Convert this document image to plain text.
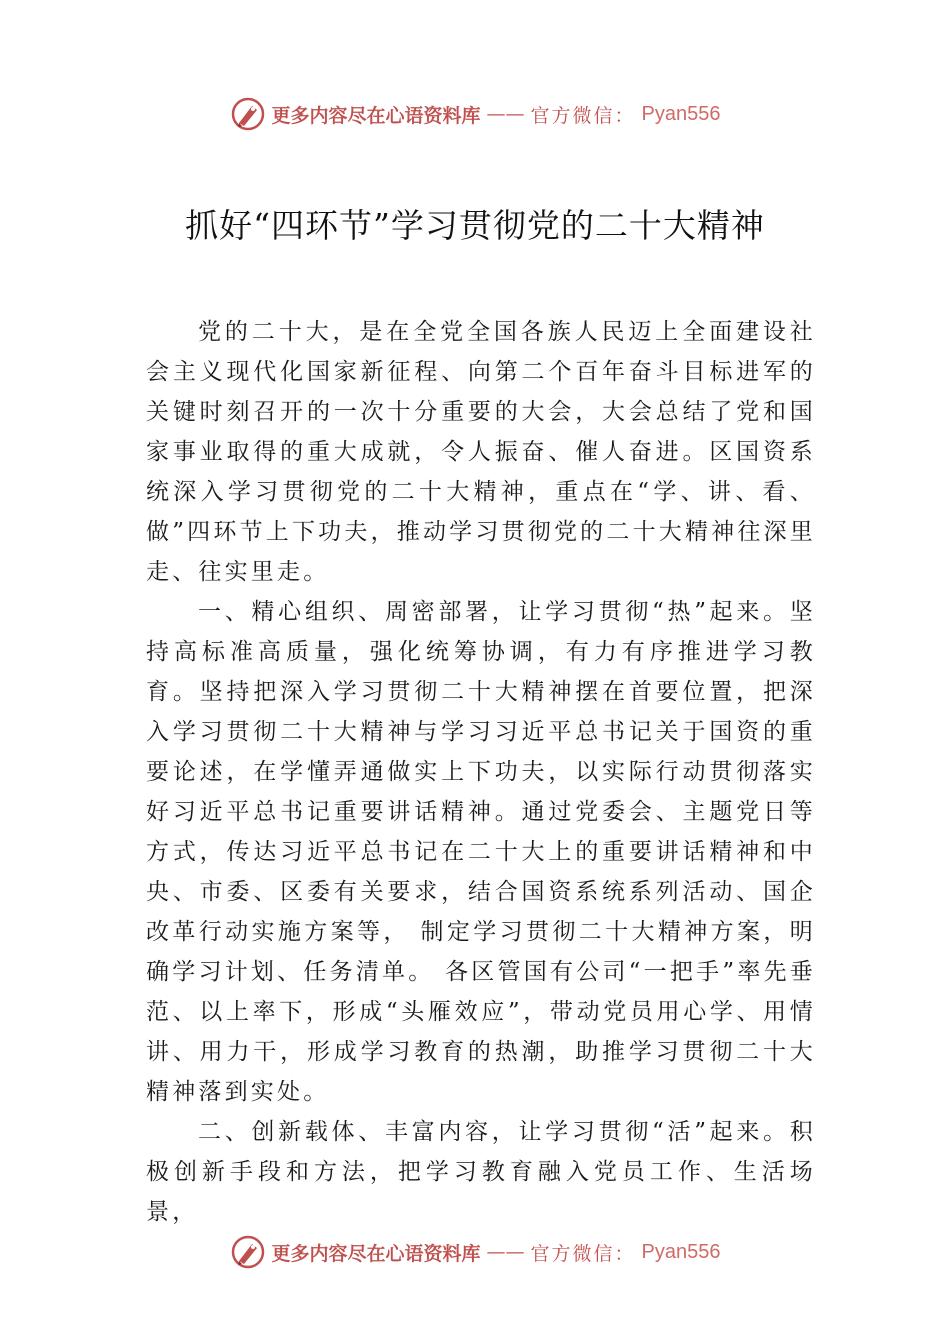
更多内容尽在心语资料库 —— 官方微信： Pyan556
抓好“四环节”学习贯彻党的二十大精神

党的二十大，是在全党全国各族人民迈上全面建设社会主义现代化国家新征程、向第二个百年奋斗目标进军的关键时刻召开的一次十分重要的大会，大会总结了党和国家事业取得的重大成就，令人振奋、催人奋进。区国资系统深入学习贯彻党的二十大精神，重点在“学、讲、看、做”四环节上下功夫，推动学习贯彻党的二十大精神往深里走、往实里走。

一、精心组织、周密部署，让学习贯彻“热”起来。坚持高标准高质量，强化统筹协调，有力有序推进学习教育。坚持把深入学习贯彻二十大精神摆在首要位置，把深入学习贯彻二十大精神与学习习近平总书记关于国资的重要论述，在学懂弄通做实上下功夫，以实际行动贯彻落实好习近平总书记重要讲话精神。通过党委会、主题党日等方式，传达习近平总书记在二十大上的重要讲话精神和中央、市委、区委有关要求，结合国资系统系列活动、国企改革行动实施方案等， 制定学习贯彻二十大精神方案，明确学习计划、任务清单。 各区管国有公司“一把手”率先垂范、以上率下，形成“头雁效应”，带动党员用心学、用情讲、用力干，形成学习教育的热潮，助推学习贯彻二十大精神落到实处。

二、创新载体、丰富内容，让学习贯彻“活”起来。积极创新手段和方法，把学习教育融入党员工作、生活场景，

更多内容尽在心语资料库 —— 官方微信： Pyan556
